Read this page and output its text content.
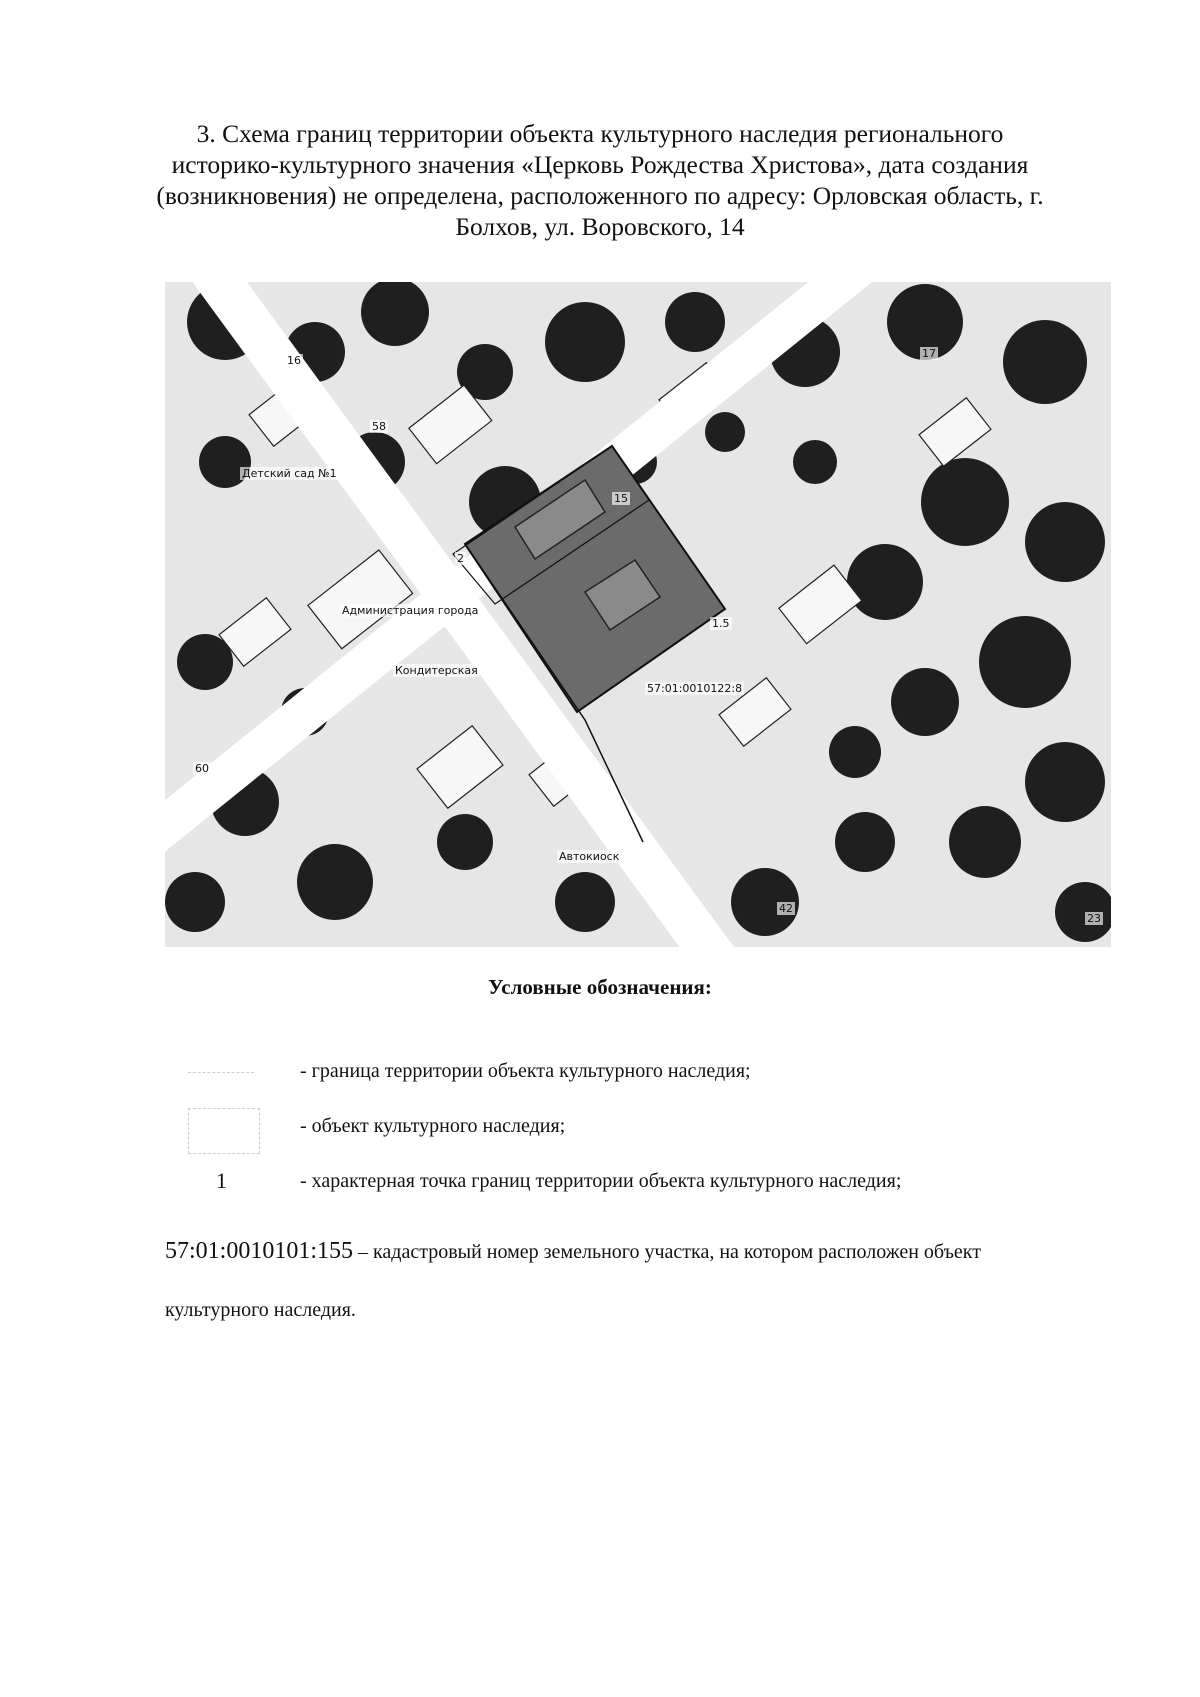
3. Схема границ территории объекта культурного наследия регионального историко-культурного значения «Церковь Рождества Христова», дата создания (возникновения) не определена, расположенного по адресу: Орловская область, г. Болхов, ул. Воровского, 14
Детский сад №1
Администрация города
Кондитерская
57:01:0010122:8
Автокиоск
2
15
1.5
58
60
17
23
42
16
Условные обозначения:
- граница территории объекта культурного наследия;
- объект культурного наследия;
1	- характерная точка границ территории объекта культурного наследия;
57:01:0010101:155 – кадастровый номер земельного участка, на котором расположен объект культурного наследия.
